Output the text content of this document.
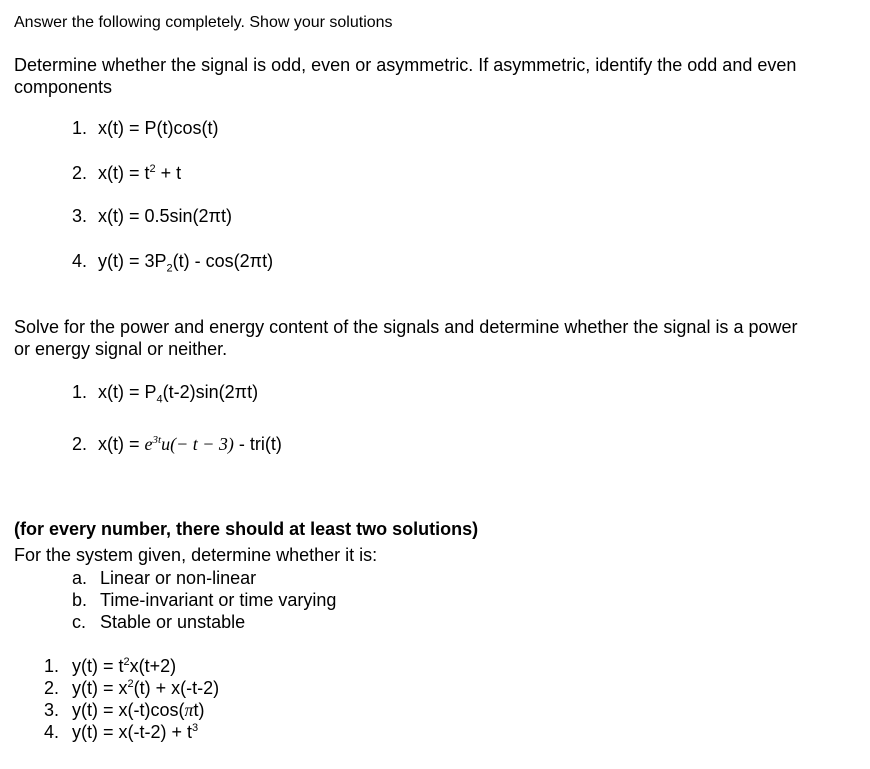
Answer the following completely. Show your solutions
Determine whether the signal is odd, even or asymmetric. If asymmetric, identify the odd and even
components
1. x(t) = P(t)cos(t)
2. $x(t) = t^2 + t$
3. x(t) = 0.5sin(2πt)
4. $y(t) = 3P_2(t) - \cos(2\pi t)$
Solve for the power and energy content of the signals and determine whether the signal is a power
or energy signal or neither.
1. $x(t) = P_4(t-2)\sin(2\pi t)$
2. $x(t) = e^{3t}u(- t - 3) - tri(t)$
(for every number, there should at least two solutions)
For the system given, determine whether it is:
a. Linear or non-linear
b. Time-invariant or time varying
c. Stable or unstable
1. $y(t) = t^2x(t+2)$
2. $y(t) = x^2(t) + x(-t-2)$
3. y(t) = x(-t)cos(πt)
4. $y(t) = x(-t-2) + t^3$
